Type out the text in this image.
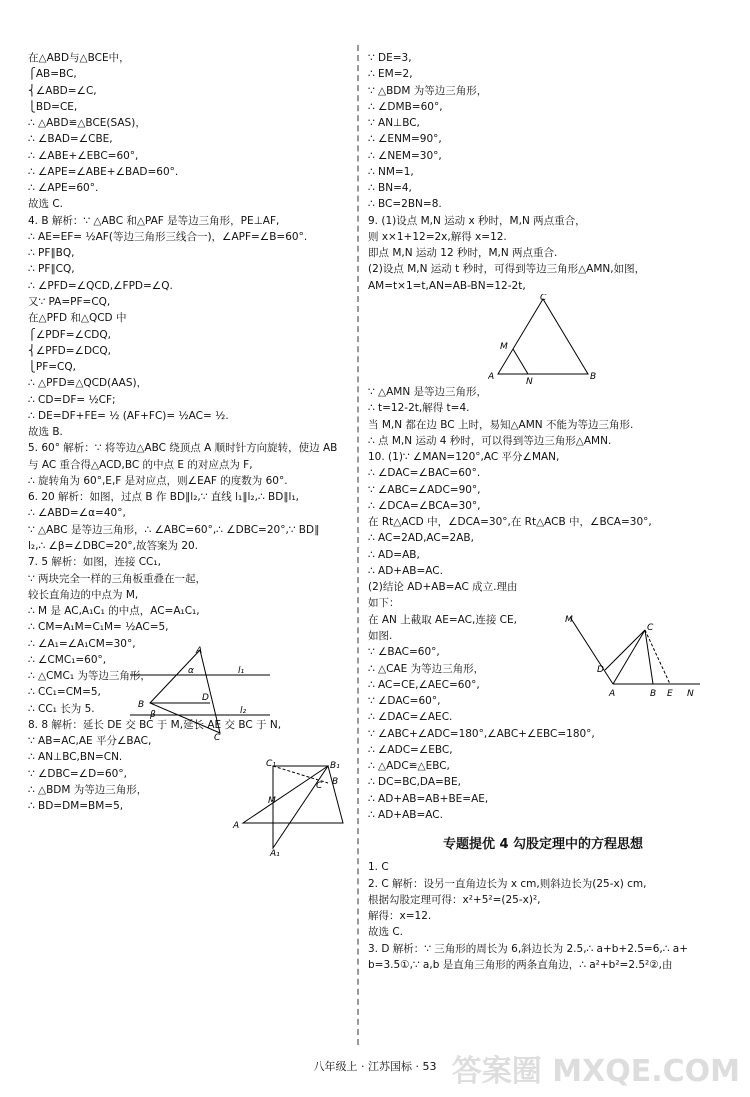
在△ABD与△BCE中，
⎧AB=BC,
⎨∠ABD=∠C,
⎩BD=CE,
∴ △ABD≌△BCE(SAS)，
∴ ∠BAD=∠CBE,
∴ ∠ABE+∠EBC=60°,
∴ ∠APE=∠ABE+∠BAD=60°.
∴ ∠APE=60°.
故选 C.
4. B 解析：∵ △ABC 和△PAF 是等边三角形，PE⊥AF,
∴ AE=EF= ½AF(等边三角形三线合一)，∠APF=∠B=60°.
∴ PF∥BQ,
∴ PF∥CQ,
∴ ∠PFD=∠QCD,∠FPD=∠Q.
又∵ PA=PF=CQ,
在△PFD 和△QCD 中
⎧∠PDF=∠CDQ,
⎨∠PFD=∠DCQ,
⎩PF=CQ,
∴ △PFD≌△QCD(AAS)，
∴ CD=DF= ½CF;
∴ DE=DF+FE= ½ (AF+FC)= ½AC= ½.
故选 B.
5. 60° 解析：∵ 将等边△ABC 绕顶点 A 顺时针方向旋转，使边 AB
与 AC 重合得△ACD,BC 的中点 E 的对应点为 F,
∴ 旋转角为 60°,E,F 是对应点，则∠EAF 的度数为 60°.
6. 20 解析：如图，过点 B 作 BD∥l₂,∵ 直线 l₁∥l₂,∴ BD∥l₁,
∴ ∠ABD=∠α=40°,
∵ △ABC 是等边三角形，∴ ∠ABC=60°,∴ ∠DBC=20°,∵ BD∥
l₂,∴ ∠β=∠DBC=20°,故答案为 20.
7. 5 解析：如图，连接 CC₁,
∵ 两块完全一样的三角板重叠在一起，
较长直角边的中点为 M,
∴ M 是 AC,A₁C₁ 的中点，AC=A₁C₁,
∴ CM=A₁M=C₁M= ½AC=5,
∴ ∠A₁=∠A₁CM=30°,
∴ ∠CMC₁=60°,
∴ △CMC₁ 为等边三角形，
∴ CC₁=CM=5,
∴ CC₁ 长为 5.
8. 8 解析：延长 DE 交 BC 于 M,延长 AE 交 BC 于 N,
∵ AB=AC,AE 平分∠BAC,
∴ AN⊥BC,BN=CN.
∵ ∠DBC=∠D=60°,
∴ △BDM 为等边三角形，
∴ BD=DM=BM=5,
A
α	l₁
D
B
β	l₂
C
C₁	B₁
B
M
C
A
A₁
∵ DE=3,
∴ EM=2,
∵ △BDM 为等边三角形，
∴ ∠DMB=60°,
∵ AN⊥BC,
∴ ∠ENM=90°,
∴ ∠NEM=30°,
∴ NM=1,
∴ BN=4,
∴ BC=2BN=8.
9. (1)设点 M,N 运动 x 秒时，M,N 两点重合，
则 x×1+12=2x,解得 x=12.
即点 M,N 运动 12 秒时，M,N 两点重合.
(2)设点 M,N 运动 t 秒时，可得到等边三角形△AMN,如图，
AM=t×1=t,AN=AB-BN=12-2t,
C
M
A	N	B
∵ △AMN 是等边三角形，
∴ t=12-2t,解得 t=4.
当 M,N 都在边 BC 上时，易知△AMN 不能为等边三角形.
∴ 点 M,N 运动 4 秒时，可以得到等边三角形△AMN.
10. (1)∵ ∠MAN=120°,AC 平分∠MAN,
∴ ∠DAC=∠BAC=60°.
∵ ∠ABC=∠ADC=90°,
∴ ∠DCA=∠BCA=30°,
在 Rt△ACD 中，∠DCA=30°,在 Rt△ACB 中，∠BCA=30°,
∴ AC=2AD,AC=2AB,
∴ AD=AB,
∴ AD+AB=AC.
(2)结论 AD+AB=AC 成立.理由
如下：
在 AN 上截取 AE=AC,连接 CE,
如图.
∵ ∠BAC=60°,
∴ △CAE 为等边三角形，
∴ AC=CE,∠AEC=60°,
∵ ∠DAC=60°,
∴ ∠DAC=∠AEC.
∵ ∠ABC+∠ADC=180°,∠ABC+∠EBC=180°,
∴ ∠ADC=∠EBC,
∴ △ADC≌△EBC,
∴ DC=BC,DA=BE,
∴ AD+AB=AB+BE=AE,
∴ AD+AB=AC.
专题提优 4 勾股定理中的方程思想
1. C
2. C 解析：设另一直角边长为 x cm,则斜边长为(25-x) cm,
根据勾股定理可得：x²+5²=(25-x)²,
解得：x=12.
故选 C.
3. D 解析：∵ 三角形的周长为 6,斜边长为 2.5,∴ a+b+2.5=6,∴ a+
b=3.5①,∵ a,b 是直角三角形的两条直角边，∴ a²+b²=2.5²②,由
M
C
D
A	B E N
八年级上 · 江苏国标 · 53 答案圈 MXQE.COM
